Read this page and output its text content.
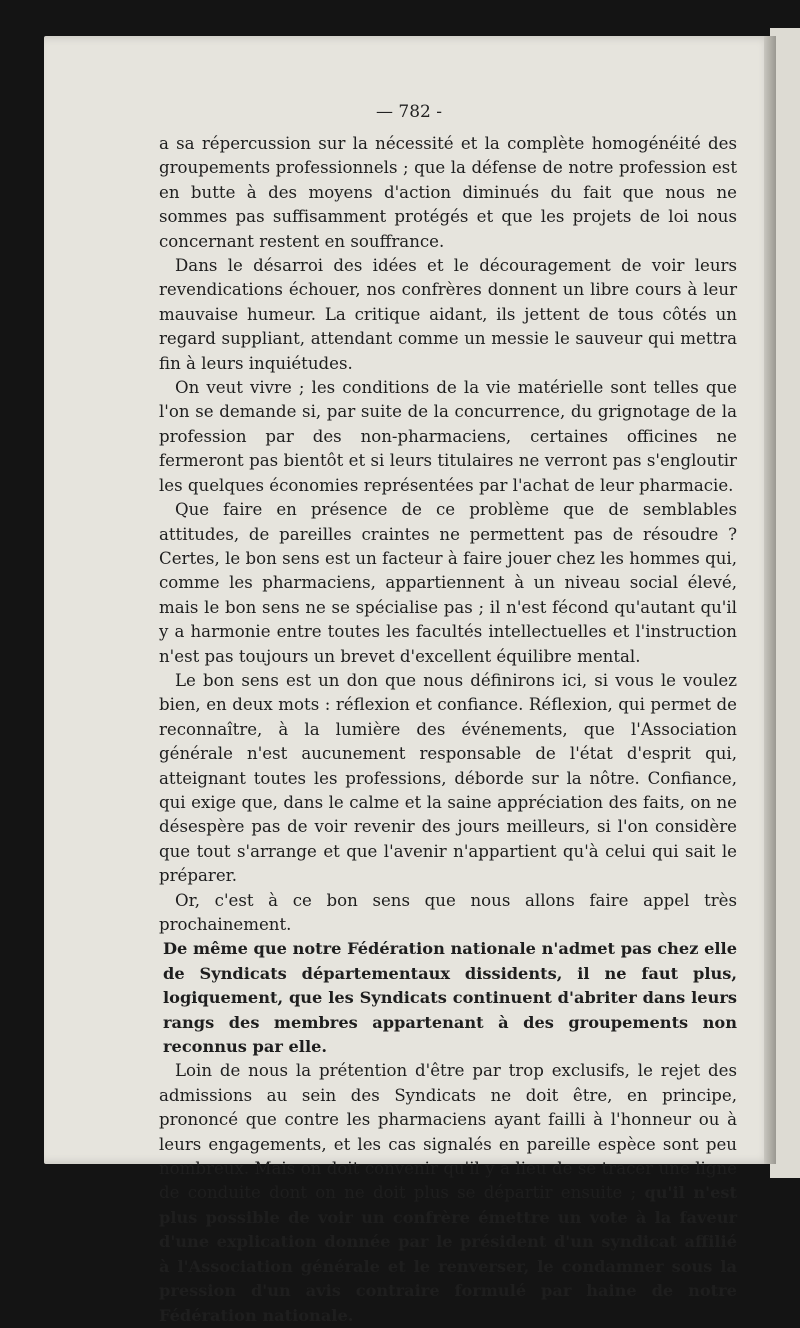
— 782 -

a sa répercussion sur la nécessité et la complète homogénéité des groupements professionnels ; que la défense de notre profession est en butte à des moyens d'action diminués du fait que nous ne sommes pas suffisamment protégés et que les projets de loi nous concernant restent en souffrance.

Dans le désarroi des idées et le découragement de voir leurs revendications échouer, nos confrères donnent un libre cours à leur mauvaise humeur. La critique aidant, ils jettent de tous côtés un regard suppliant, attendant comme un messie le sauveur qui mettra fin à leurs inquiétudes.

On veut vivre ; les conditions de la vie matérielle sont telles que l'on se demande si, par suite de la concurrence, du grignotage de la profession par des non-pharmaciens, certaines officines ne fermeront pas bientôt et si leurs titulaires ne verront pas s'engloutir les quelques économies représentées par l'achat de leur pharmacie.

Que faire en présence de ce problème que de semblables attitudes, de pareilles craintes ne permettent pas de résoudre ? Certes, le bon sens est un facteur à faire jouer chez les hommes qui, comme les pharmaciens, appartiennent à un niveau social élevé, mais le bon sens ne se spécialise pas ; il n'est fécond qu'autant qu'il y a harmonie entre toutes les facultés intellectuelles et l'instruction n'est pas toujours un brevet d'excellent équilibre mental.

Le bon sens est un don que nous définirons ici, si vous le voulez bien, en deux mots : réflexion et confiance. Réflexion, qui permet de reconnaître, à la lumière des événements, que l'Association générale n'est aucunement responsable de l'état d'esprit qui, atteignant toutes les professions, déborde sur la nôtre. Confiance, qui exige que, dans le calme et la saine appréciation des faits, on ne désespère pas de voir revenir des jours meilleurs, si l'on considère que tout s'arrange et que l'avenir n'appartient qu'à celui qui sait le préparer.

Or, c'est à ce bon sens que nous allons faire appel très prochainement.

De même que notre Fédération nationale n'admet pas chez elle de Syndicats départementaux dissidents, il ne faut plus, logiquement, que les Syndicats continuent d'abriter dans leurs rangs des membres appartenant à des groupements non reconnus par elle.

Loin de nous la prétention d'être par trop exclusifs, le rejet des admissions au sein des Syndicats ne doit être, en principe, prononcé que contre les pharmaciens ayant failli à l'honneur ou à leurs engagements, et les cas signalés en pareille espèce sont peu nombreux. Mais on doit convenir qu'il y a lieu de se tracer une ligne de conduite dont on ne doit plus se départir ensuite ; qu'il n'est plus possible de voir un confrère émettre un vote à la faveur d'une explication donnée par le président d'un syndicat affilié à l'Association générale et le renverser, le condamner sous la pression d'un avis contraire formulé par haine de notre Fédération nationale.
